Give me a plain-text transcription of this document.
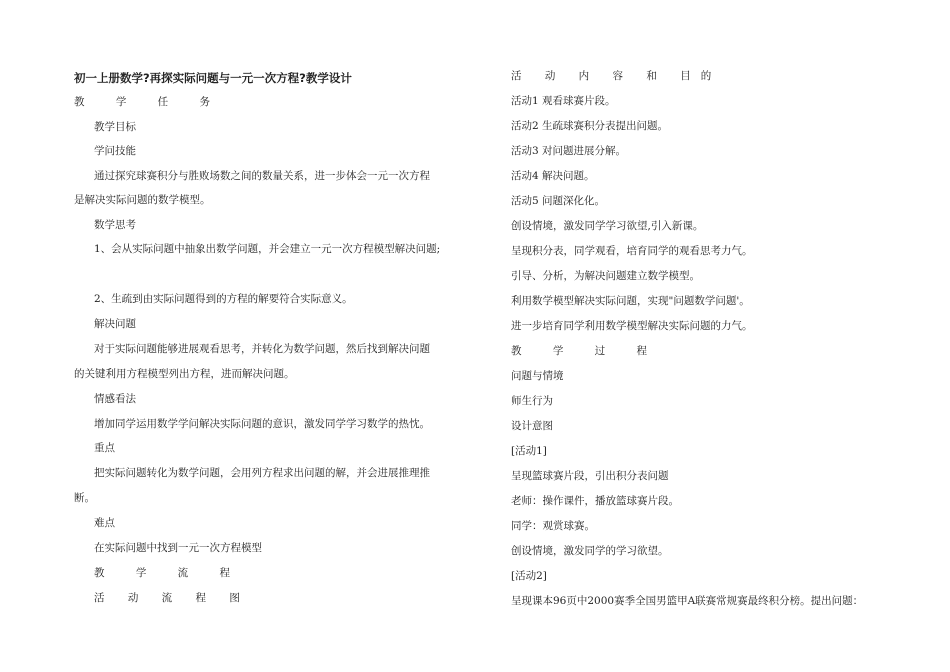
初一上册数学?再探实际问题与一元一次方程?教学设计
教 学 任 务
教学目标
学问技能
通过探究球赛积分与胜败场数之间的数量关系，进一步体会一元一次方程
是解决实际问题的数学模型。
数学思考
1、会从实际问题中抽象出数学问题，并会建立一元一次方程模型解决问题;
2、生疏到由实际问题得到的方程的解要符合实际意义。
解决问题
对于实际问题能够进展观看思考，并转化为数学问题，然后找到解决问题
的关键利用方程模型列出方程，进而解决问题。
情感看法
增加同学运用数学学问解决实际问题的意识，激发同学学习数学的热忱。
重点
把实际问题转化为数学问题，会用列方程求出问题的解，并会进展推理推
断。
难点
在实际问题中找到一元一次方程模型
教 学 流 程
活 动 流 程 图
活 动 内 容 和 目的
活动1 观看球赛片段。
活动2 生疏球赛积分表提出问题。
活动3 对问题进展分解。
活动4 解决问题。
活动5 问题深化化。
创设情境，激发同学学习欲望,引入新课。
呈现积分表，同学观看，培育同学的观看思考力气。
引导、分析，为解决问题建立数学模型。
利用数学模型解决实际问题，实现"问题数学问题'。
进一步培育同学利用数学模型解决实际问题的力气。
教 学 过 程
问题与情境
师生行为
设计意图
[活动1]
呈现篮球赛片段，引出积分表问题
老师：操作课件，播放篮球赛片段。
同学：观赏球赛。
创设情境，激发同学的学习欲望。
[活动2]
呈现课本96页中2000赛季全国男篮甲A联赛常规赛最终积分榜。提出问题：
